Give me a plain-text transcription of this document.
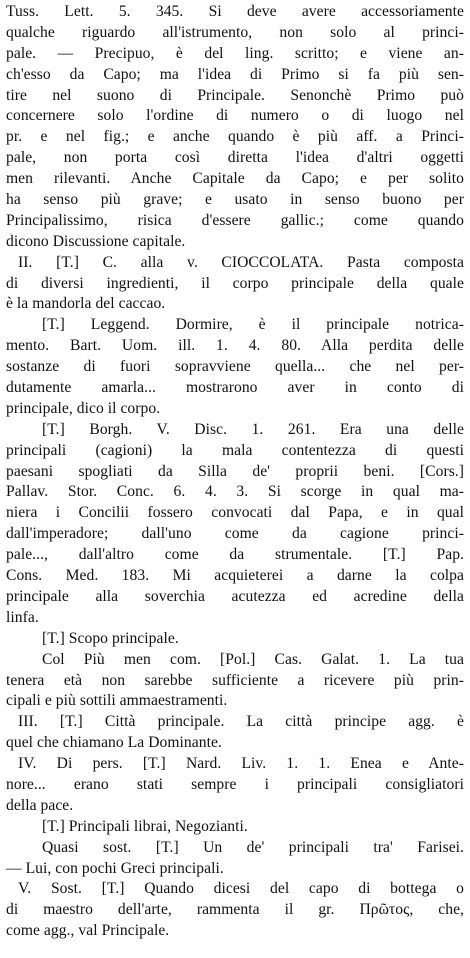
Tuss. Lett. 5. 345. Si deve avere accessoriamente
qualche riguardo all'istrumento, non solo al princi-
pale. — Precipuo, è del ling. scritto; e viene an-
ch'esso da Capo; ma l'idea di Primo si fa più sen-
tire nel suono di Principale. Senonchè Primo può
concernere solo l'ordine di numero o di luogo nel
pr. e nel fig.; e anche quando è più aff. a Princi-
pale, non porta così diretta l'idea d'altri oggetti
men rilevanti. Anche Capitale da Capo; e per solito
ha senso più grave; e usato in senso buono per
Principalissimo, risica d'essere gallic.; come quando
dicono Discussione capitale.
II. [T.] C. alla v. CIOCCOLATA. Pasta composta
di diversi ingredienti, il corpo principale della quale
è la mandorla del caccao.
[T.] Leggend. Dormire, è il principale notrica-
mento. Bart. Uom. ill. 1. 4. 80. Alla perdita delle
sostanze di fuori sopravviene quella... che nel per-
dutamente amarla... mostrarono aver in conto di
principale, dico il corpo.
[T.] Borgh. V. Disc. 1. 261. Era una delle
principali (cagioni) la mala contentezza di questi
paesani spogliati da Silla de' proprii beni. [Cors.]
Pallav. Stor. Conc. 6. 4. 3. Si scorge in qual ma-
niera i Concilii fossero convocati dal Papa, e in qual
dall'imperadore; dall'uno come da cagione princi-
pale..., dall'altro come da strumentale. [T.] Pap.
Cons. Med. 183. Mi acquieterei a darne la colpa
principale alla soverchia acutezza ed acredine della
linfa.
[T.] Scopo principale.
Col Più men com. [Pol.] Cas. Galat. 1. La tua
tenera età non sarebbe sufficiente a ricevere più prin-
cipali e più sottili ammaestramenti.
III. [T.] Città principale. La città principe agg. è
quel che chiamano La Dominante.
IV. Di pers. [T.] Nard. Liv. 1. 1. Enea e Ante-
nore... erano stati sempre i principali consigliatori
della pace.
[T.] Principali librai, Negozianti.
Quasi sost. [T.] Un de' principali tra' Farisei.
— Lui, con pochi Greci principali.
V. Sost. [T.] Quando dicesi del capo di bottega o
di maestro dell'arte, rammenta il gr. Πρῶτος, che,
come agg., val Principale.
